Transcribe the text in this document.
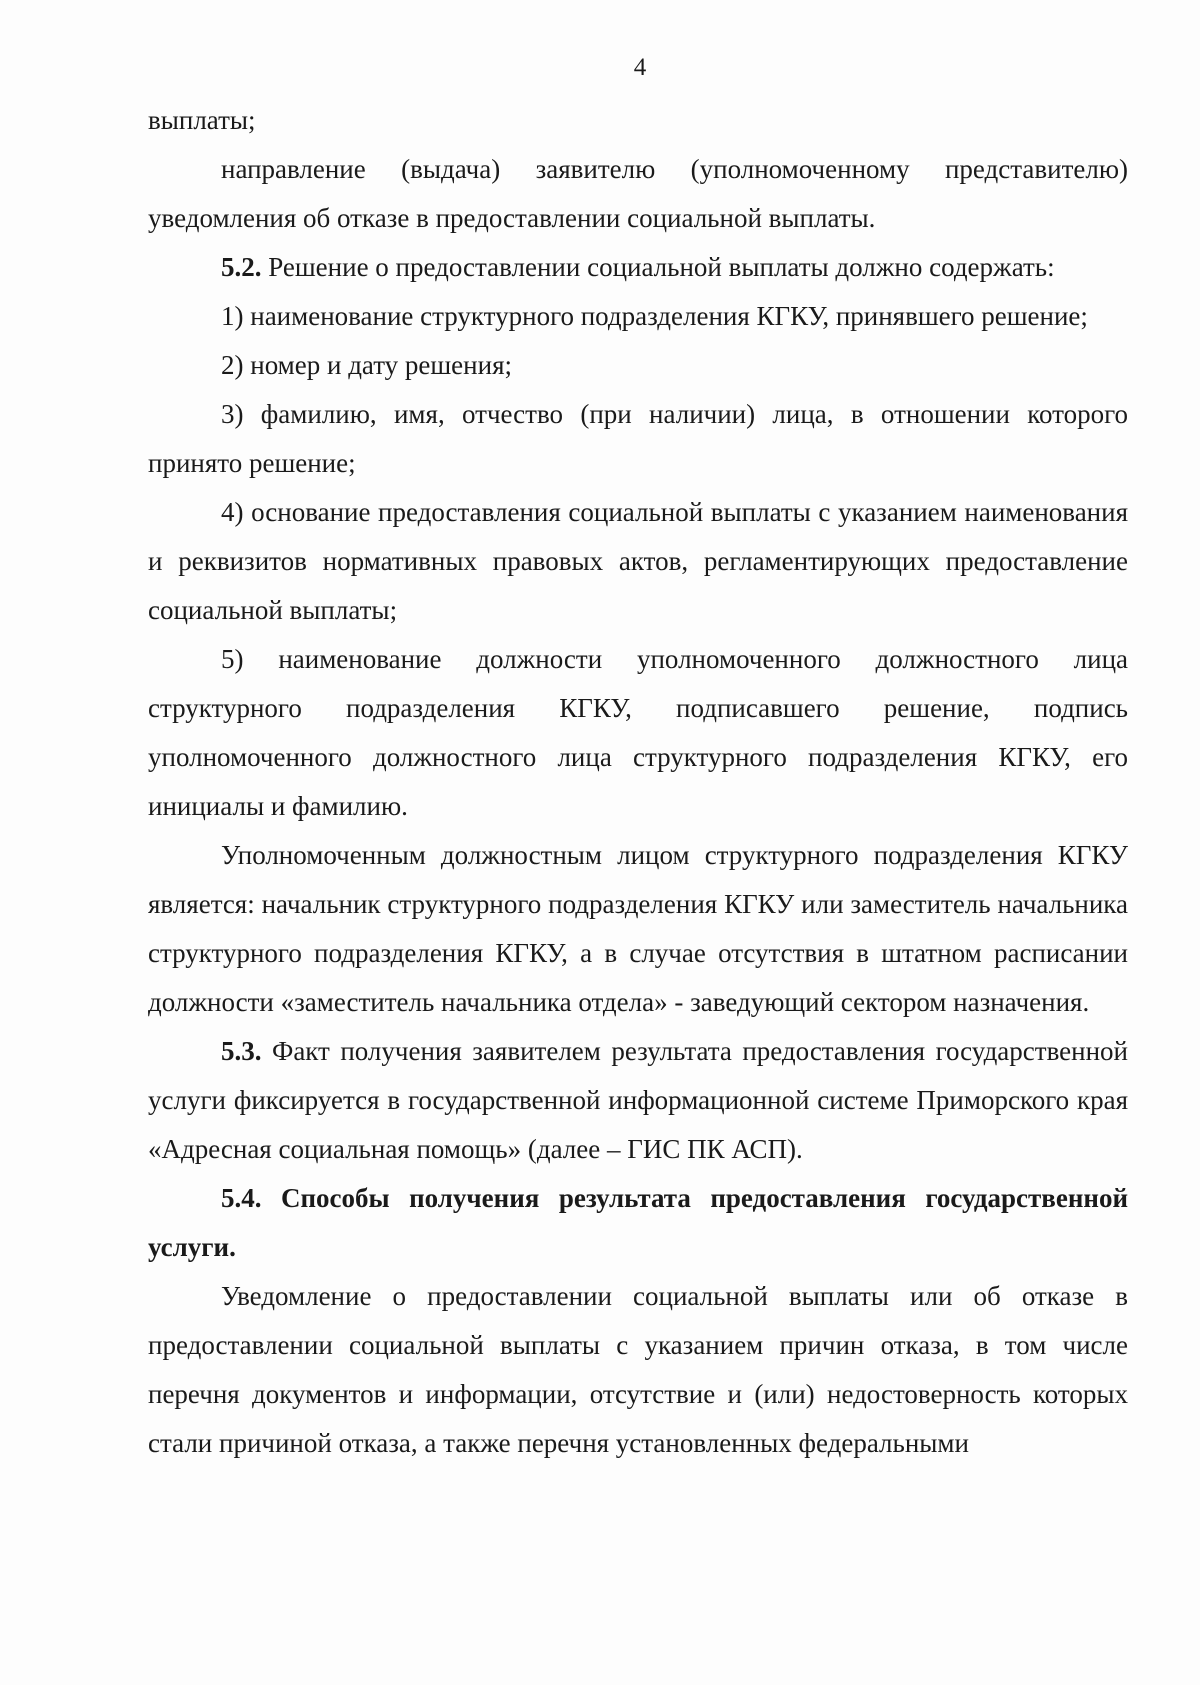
4

выплаты;

направление (выдача) заявителю (уполномоченному представителю) уведомления об отказе в предоставлении социальной выплаты.

5.2. Решение о предоставлении социальной выплаты должно содержать:

1) наименование структурного подразделения КГКУ, принявшего решение;

2) номер и дату решения;

3) фамилию, имя, отчество (при наличии) лица, в отношении которого принято решение;

4) основание предоставления социальной выплаты с указанием наименования и реквизитов нормативных правовых актов, регламентирующих предоставление социальной выплаты;

5) наименование должности уполномоченного должностного лица структурного подразделения КГКУ, подписавшего решение, подпись уполномоченного должностного лица структурного подразделения КГКУ, его инициалы и фамилию.

Уполномоченным должностным лицом структурного подразделения КГКУ является: начальник структурного подразделения КГКУ или заместитель начальника структурного подразделения КГКУ, а в случае отсутствия в штатном расписании должности «заместитель начальника отдела» - заведующий сектором назначения.

5.3. Факт получения заявителем результата предоставления государственной услуги фиксируется в государственной информационной системе Приморского края «Адресная социальная помощь» (далее – ГИС ПК АСП).

5.4. Способы получения результата предоставления государственной услуги.

Уведомление о предоставлении социальной выплаты или об отказе в предоставлении социальной выплаты с указанием причин отказа, в том числе перечня документов и информации, отсутствие и (или) недостоверность которых стали причиной отказа, а также перечня установленных федеральными
